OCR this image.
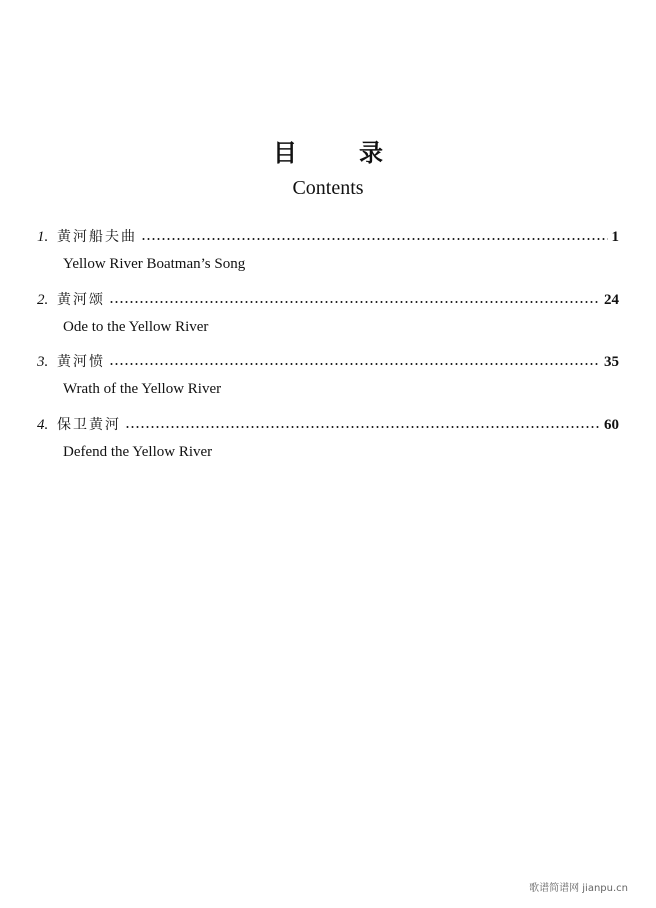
目录
Contents
1. 黄河船夫曲	1
Yellow River Boatman’s Song
2. 黄河颂	24
Ode to the Yellow River
3. 黄河愤	35
Wrath of the Yellow River
4. 保卫黄河	60
Defend the Yellow River
歌谱简谱网 jianpu.cn
